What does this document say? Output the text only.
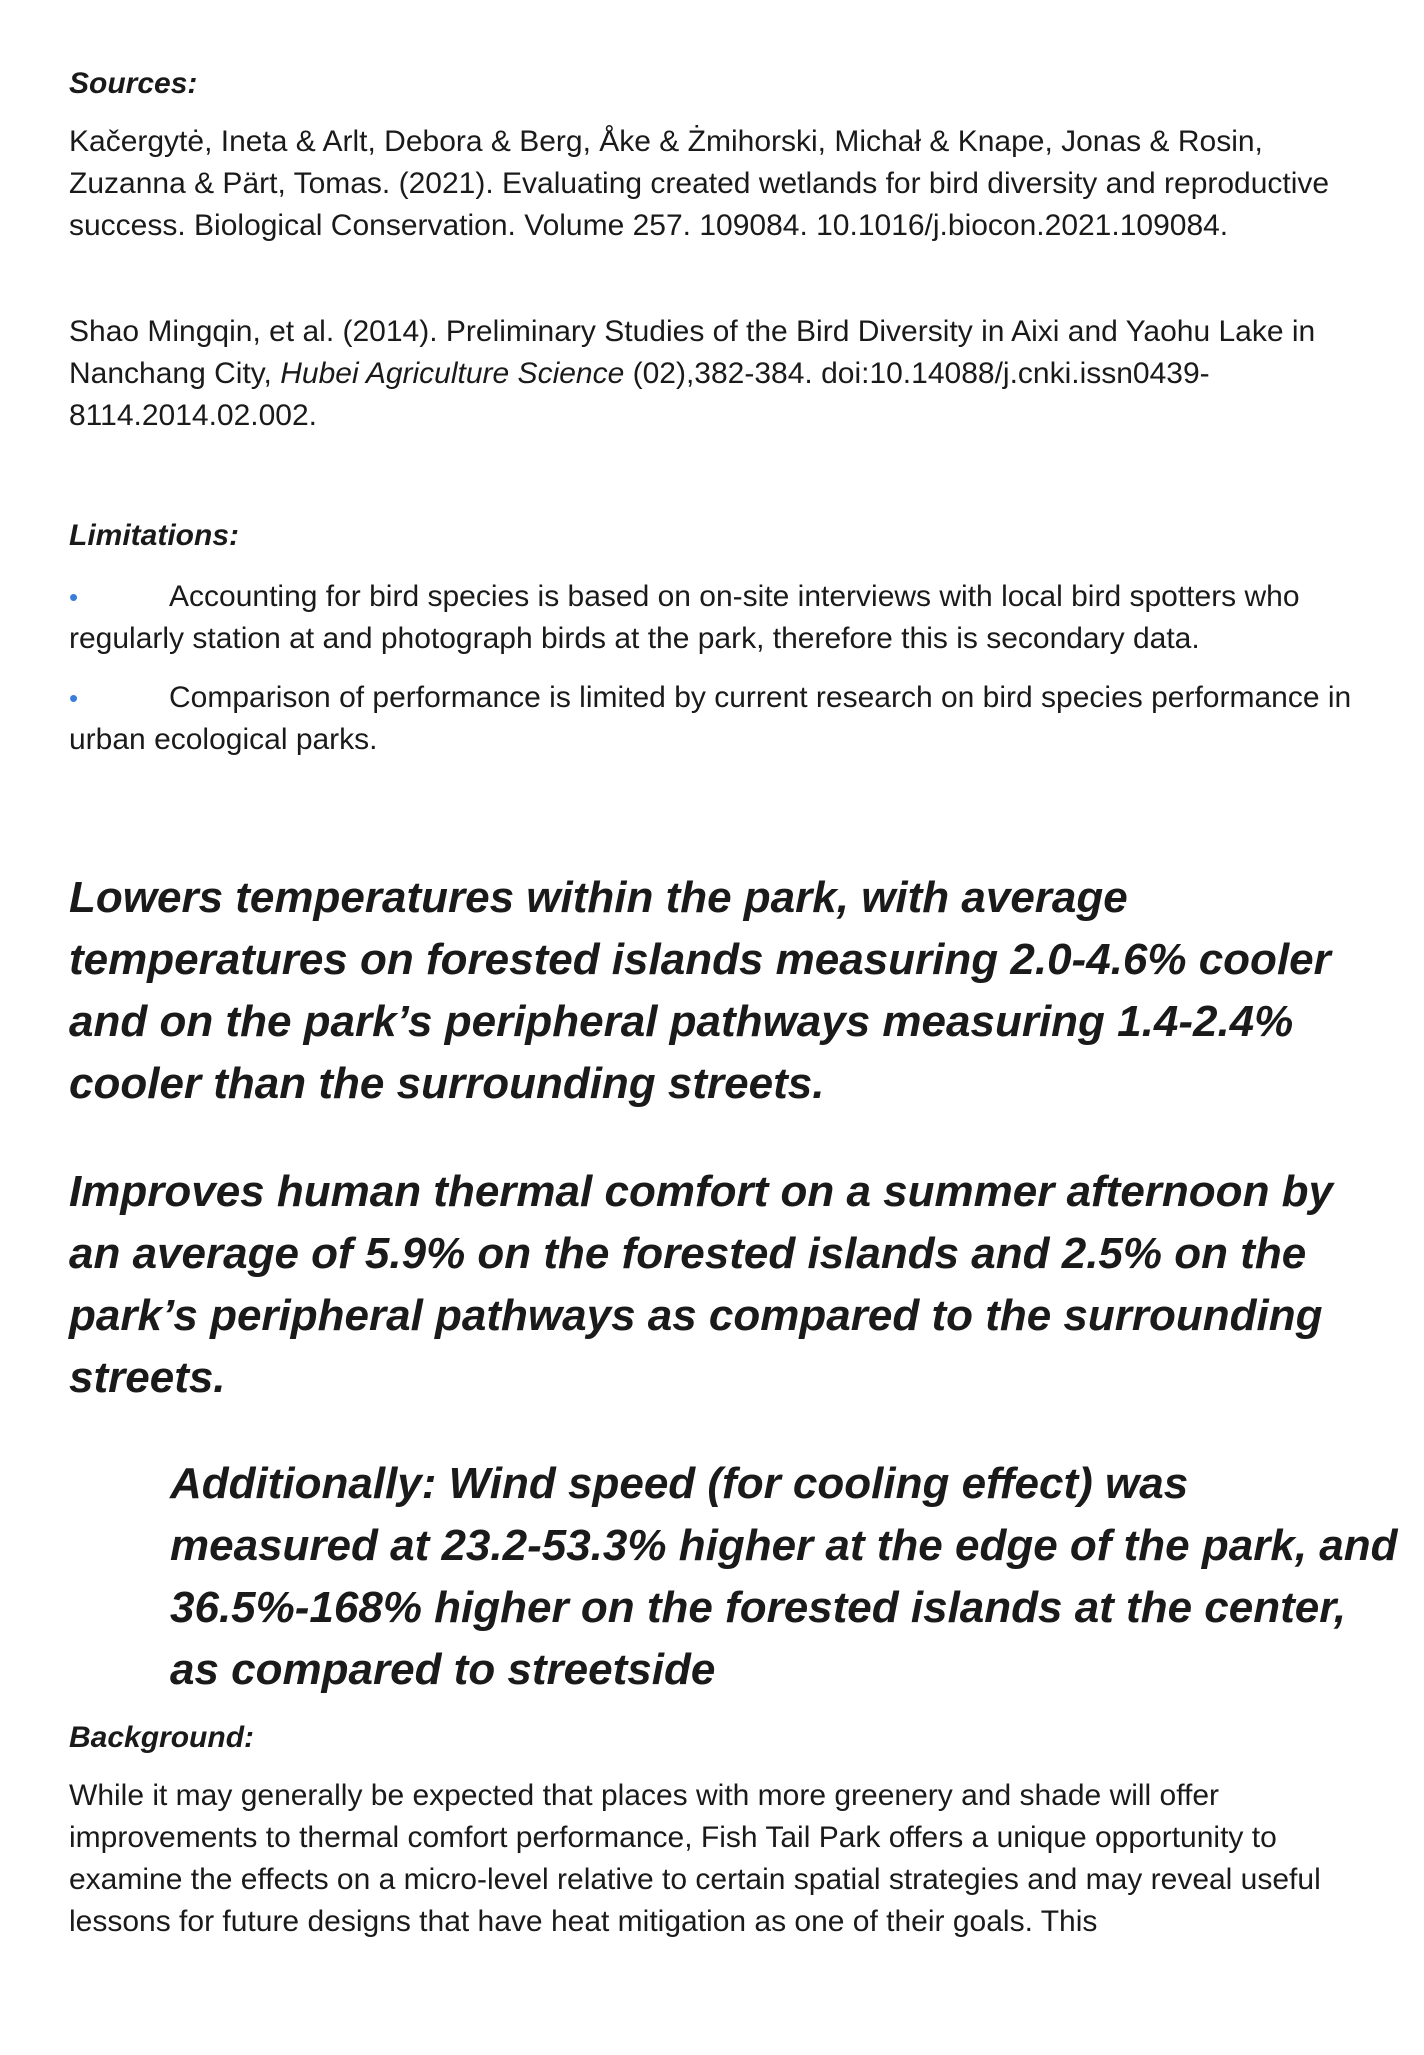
Sources:

Kačergytė, Ineta & Arlt, Debora & Berg, Åke & Żmihorski, Michał & Knape, Jonas & Rosin, Zuzanna & Pärt, Tomas. (2021). Evaluating created wetlands for bird diversity and reproductive success. Biological Conservation. Volume 257. 109084. 10.1016/j.biocon.2021.109084.

Shao Mingqin, et al. (2014). Preliminary Studies of the Bird Diversity in Aixi and Yaohu Lake in Nanchang City, Hubei Agriculture Science (02),382-384. doi:10.14088/j.cnki.issn0439-8114.2014.02.002.

Limitations:

•	Accounting for bird species is based on on-site interviews with local bird spotters who regularly station at and photograph birds at the park, therefore this is secondary data.
•	Comparison of performance is limited by current research on bird species performance in urban ecological parks.

Lowers temperatures within the park, with average temperatures on forested islands measuring 2.0-4.6% cooler and on the park’s peripheral pathways measuring 1.4-2.4% cooler than the surrounding streets.

Improves human thermal comfort on a summer afternoon by an average of 5.9% on the forested islands and 2.5% on the park’s peripheral pathways as compared to the surrounding streets.

Additionally: Wind speed (for cooling effect) was measured at 23.2-53.3% higher at the edge of the park, and 36.5%-168% higher on the forested islands at the center, as compared to streetside

Background:

While it may generally be expected that places with more greenery and shade will offer improvements to thermal comfort performance, Fish Tail Park offers a unique opportunity to examine the effects on a micro-level relative to certain spatial strategies and may reveal useful lessons for future designs that have heat mitigation as one of their goals. This
